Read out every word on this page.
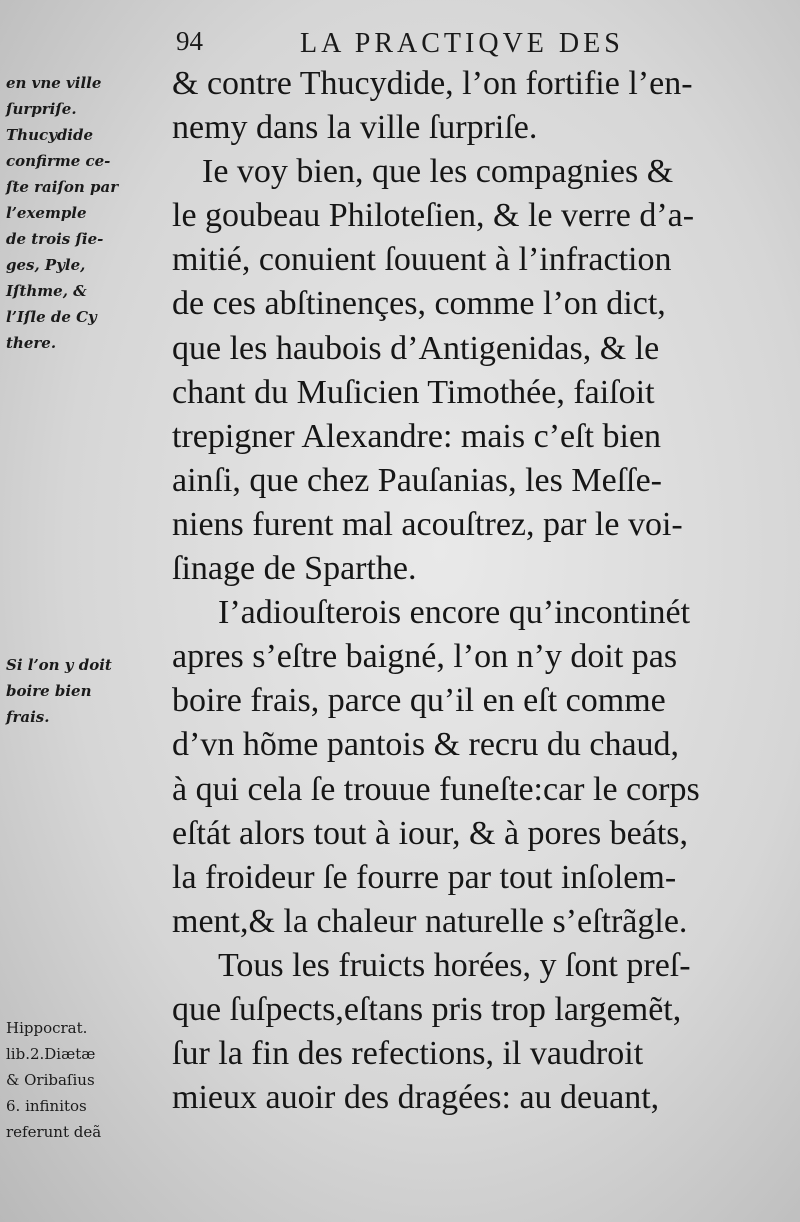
94	LA PRACTIQVE DES
en vne ville
ſurpriſe.
Thucydide
confirme ce-
ſte raiſon par
l’exemple
de trois ſie-
ges, Pyle,
Iſthme, &
l’Iſle de Cy
there.
Si l’on y doit
boire bien
frais.
Hippocrat.
lib.2.Diætæ
& Oribaſius
6. infinitos
referunt deã
& contre Thucydide, l’on fortifie l’en-
nemy dans la ville ſurpriſe.
Ie voy bien, que les compagnies &
le goubeau Philoteſien, & le verre d’a-
mitié, conuient ſouuent à l’infraction
de ces abſtinençes, comme l’on dict,
que les haubois d’Antigenidas, & le
chant du Muſicien Timothée, faiſoit
trepigner Alexandre: mais c’eſt bien
ainſi, que chez Pauſanias, les Meſſe-
niens furent mal acouſtrez, par le voi-
ſinage de Sparthe.
I’adiouſterois encore qu’incontinét
apres s’eſtre baigné, l’on n’y doit pas
boire frais, parce qu’il en eſt comme
d’vn hõme pantois & recru du chaud,
à qui cela ſe trouue funeſte:car le corps
eſtát alors tout à iour, & à pores beáts,
la froideur ſe fourre par tout inſolem-
ment,& la chaleur naturelle s’eſtrãgle.
Tous les fruicts horées, y ſont preſ-
que ſuſpects,eſtans pris trop largemẽt,
ſur la fin des refections, il vaudroit
mieux auoir des dragées: au deuant,
